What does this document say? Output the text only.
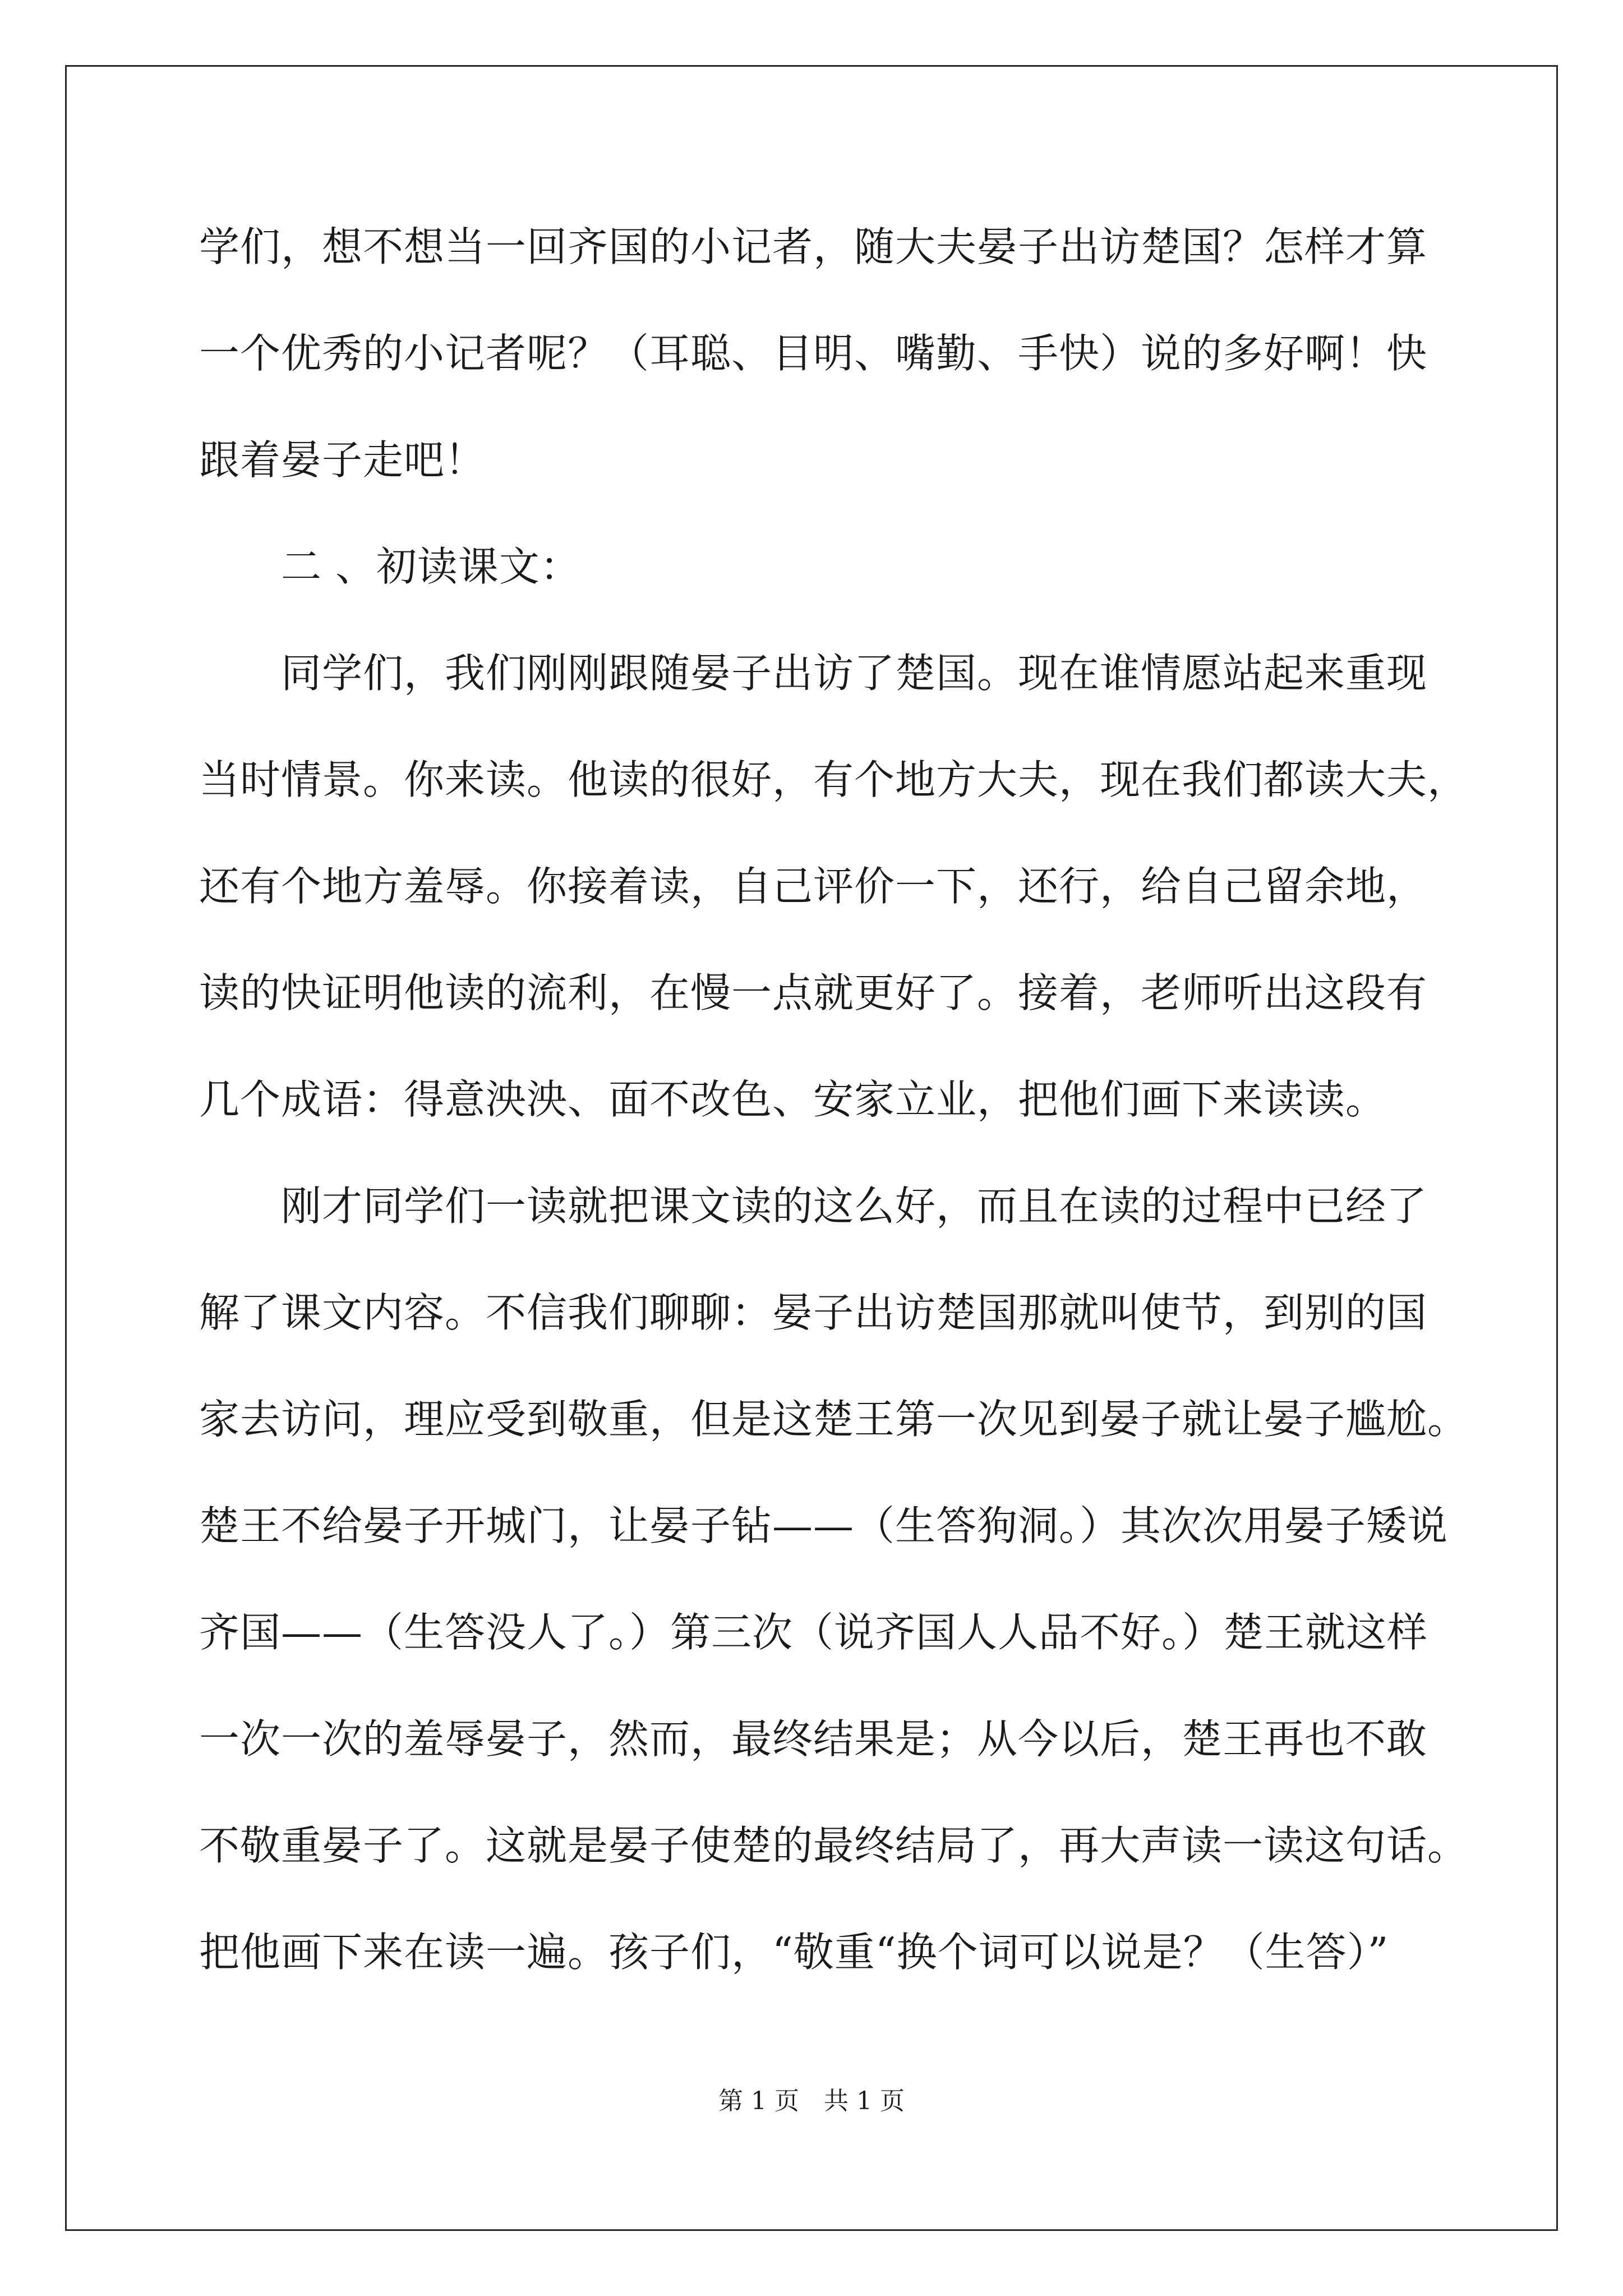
学们，想不想当一回齐国的小记者，随大夫晏子出访楚国？怎样才算
一个优秀的小记者呢？（耳聪、目明、嘴勤、手快）说的多好啊！快
跟着晏子走吧！
　　二 、初读课文：
　　同学们，我们刚刚跟随晏子出访了楚国。现在谁情愿站起来重现
当时情景。你来读。他读的很好，有个地方大夫，现在我们都读大夫，
还有个地方羞辱。你接着读，自己评价一下，还行，给自己留余地，
读的快证明他读的流利，在慢一点就更好了。接着，老师听出这段有
几个成语：得意泱泱、面不改色、安家立业，把他们画下来读读。
　　刚才同学们一读就把课文读的这么好，而且在读的过程中已经了
解了课文内容。不信我们聊聊：晏子出访楚国那就叫使节，到别的国
家去访问，理应受到敬重，但是这楚王第一次见到晏子就让晏子尴尬。
楚王不给晏子开城门，让晏子钻——（生答狗洞。）其次次用晏子矮说
齐国——（生答没人了。）第三次（说齐国人人品不好。）楚王就这样
一次一次的羞辱晏子，然而，最终结果是；从今以后，楚王再也不敢
不敬重晏子了。这就是晏子使楚的最终结局了，再大声读一读这句话。
把他画下来在读一遍。孩子们，“敬重“换个词可以说是？（生答）”
第 1 页　共 1 页
